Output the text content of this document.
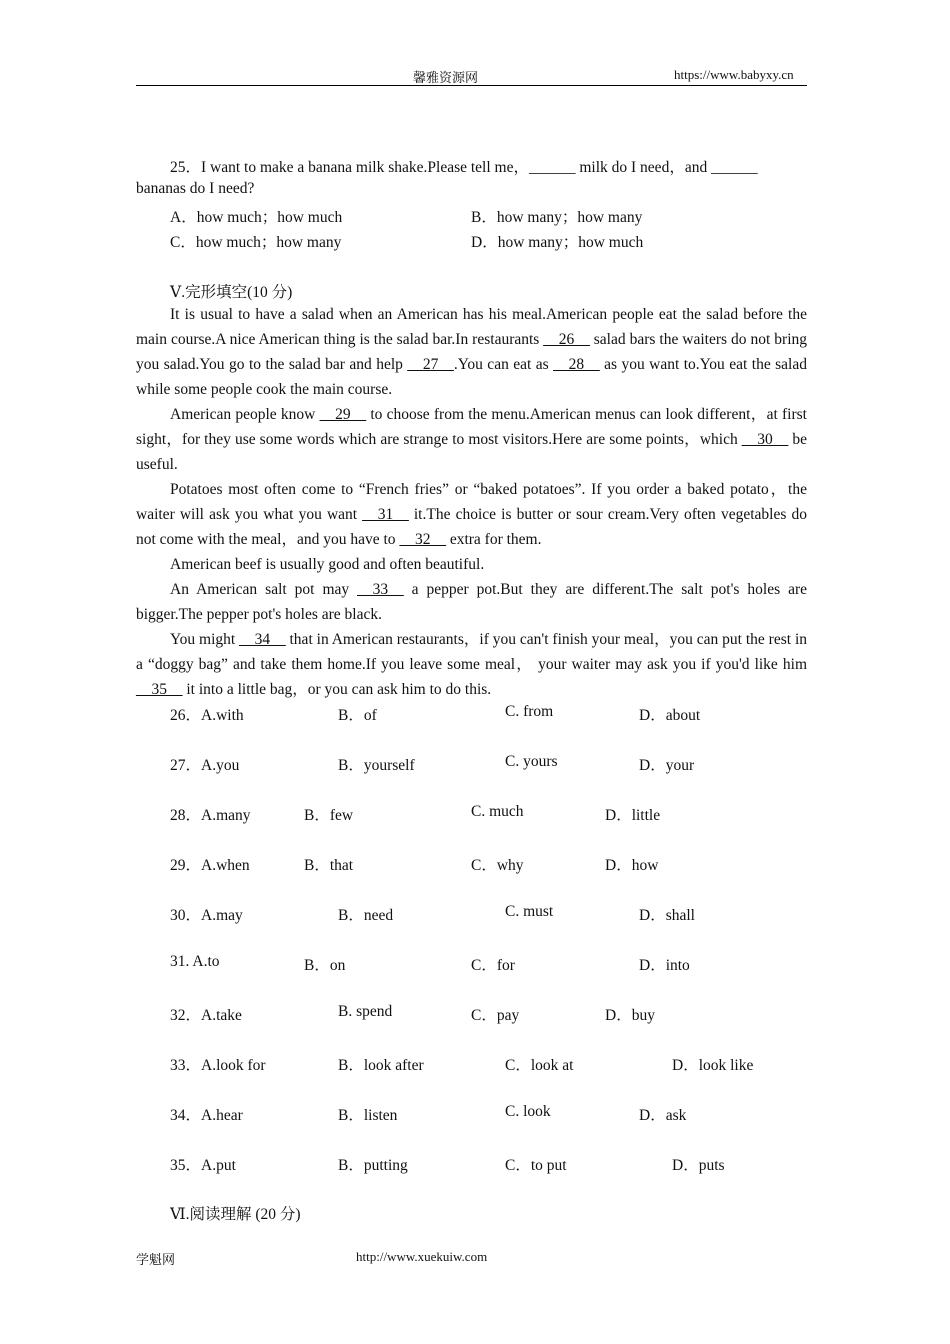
馨雅资源网	https://www.babyxy.cn
25．I want to make a banana milk shake.Please tell me，______ milk do I need，and ______
bananas do I need?
A．how much；how much	B．how many；how many
C．how much；how many	D．how many；how much
Ⅴ.完形填空(10 分)
It is usual to have a salad when an American has his meal.American people eat the salad before the main course.A nice American thing is the salad bar.In restaurants __26__ salad bars the waiters do not bring you salad.You go to the salad bar and help __27__.You can eat as __28__ as you want to.You eat the salad while some people cook the main course.
American people know __29__ to choose from the menu.American menus can look different，at first sight，for they use some words which are strange to most visitors.Here are some points，which __30__ be useful.
Potatoes most often come to “French fries” or “baked potatoes”. If you order a baked potato，the waiter will ask you what you want __31__ it.The choice is butter or sour cream.Very often vegetables do not come with the meal，and you have to __32__ extra for them.
American beef is usually good and often beautiful.
An American salt pot may __33__ a pepper pot.But they are different.The salt pot's holes are bigger.The pepper pot's holes are black.
You might __34__ that in American restaurants，if you can't finish your meal，you can put the rest in a “doggy bag” and take them home.If you leave some meal， your waiter may ask you if you'd like him __35__ it into a little bag，or you can ask him to do this.
26．A.with	B．of	C. from	D．about
27．A.you	B．yourself	C. yours	D．your
28．A.many	B．few	C. much	D．little
29．A.when	B．that	C．why	D．how
30．A.may	B．need	C. must	D．shall
31. A.to	B．on	C．for	D．into
32．A.take	B. spend	C．pay	D．buy
33．A.look for	B．look after	C．look at	D．look like
34．A.hear	B．listen	C. look	D．ask
35．A.put	B．putting	C．to put	D．puts
Ⅵ.阅读理解 (20 分)
学魁网	http://www.xuekuiw.com
